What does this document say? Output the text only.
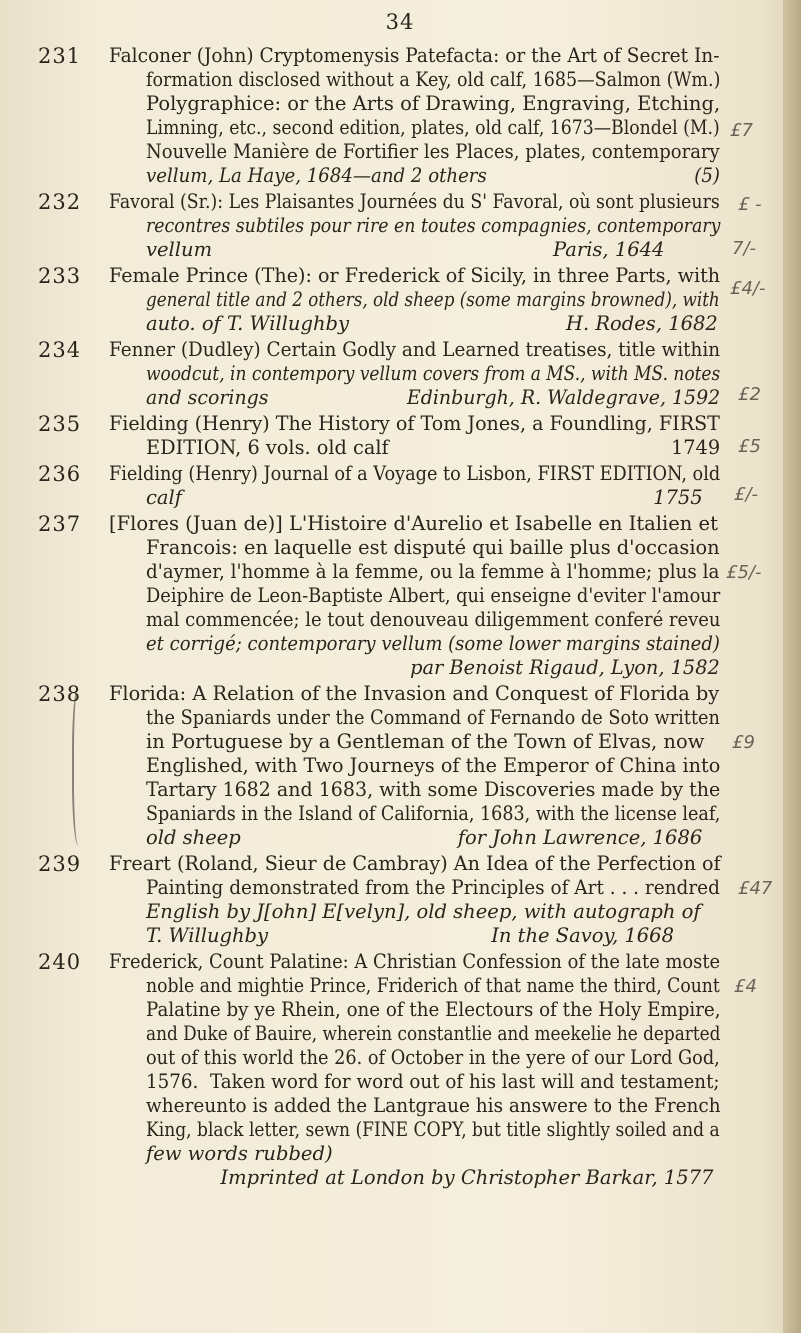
34
231 Falconer (John) Cryptomenysis Patefacta: or the Art of Secret In-
formation disclosed without a Key, old calf, 1685—Salmon (Wm.)
Polygraphice: or the Arts of Drawing, Engraving, Etching,
Limning, etc., second edition, plates, old calf, 1673—Blondel (M.)
Nouvelle Manière de Fortifier les Places, plates, contemporary
vellum, La Haye, 1684—and 2 others                                    (5)
£7
232 Favoral (Sr.): Les Plaisantes Journées du S' Favoral, où sont plusieurs
recontres subtiles pour rire en toutes compagnies, contemporary
vellum                                                       Paris, 1644
£ -
7/-
233 Female Prince (The): or Frederick of Sicily, in three Parts, with
general title and 2 others, old sheep (some margins browned), with
auto. of T. Willughby                                   H. Rodes, 1682
£4/-
234 Fenner (Dudley) Certain Godly and Learned treatises, title within
woodcut, in contempory vellum covers from a MS., with MS. notes
and scorings                       Edinburgh, R. Waldegrave, 1592 £2
235 Fielding (Henry) The History of Tom Jones, a Foundling, FIRST
EDITION, 6 vols. old calf                                              1749 £5
236 Fielding (Henry) Journal of a Voyage to Lisbon, FIRST EDITION, old
calf                                                                            1755 £/-
237 [Flores (Juan de)] L'Histoire d'Aurelio et Isabelle en Italien et
Francois: en laquelle est disputé qui baille plus d'occasion
d'aymer, l'homme à la femme, ou la femme à l'homme; plus la
Deiphire de Leon-Baptiste Albert, qui enseigne d'eviter l'amour
mal commencée; le tout denouveau diligemment conferé reveu
et corrigé; contemporary vellum (some lower margins stained)
par Benoist Rigaud, Lyon, 1582
£5/-
238 Florida: A Relation of the Invasion and Conquest of Florida by
the Spaniards under the Command of Fernando de Soto written
in Portuguese by a Gentleman of the Town of Elvas, now
Englished, with Two Journeys of the Emperor of China into
Tartary 1682 and 1683, with some Discoveries made by the
Spaniards in the Island of California, 1683, with the license leaf,
old sheep                                   for John Lawrence, 1686
£9
239 Freart (Roland, Sieur de Cambray) An Idea of the Perfection of
Painting demonstrated from the Principles of Art . . . rendred
English by J[ohn] E[velyn], old sheep, with autograph of
T. Willughby                                    In the Savoy, 1668
£47
240 Frederick, Count Palatine: A Christian Confession of the late moste
noble and mightie Prince, Friderich of that name the third, Count
Palatine by ye Rhein, one of the Electours of the Holy Empire,
and Duke of Bauire, wherein constantlie and meekelie he departed
out of this world the 26. of October in the yere of our Lord God,
1576.  Taken word for word out of his last will and testament;
whereunto is added the Lantgraue his answere to the French
King, black letter, sewn (FINE COPY, but title slightly soiled and a
few words rubbed)
Imprinted at London by Christopher Barkar, 1577
£4
